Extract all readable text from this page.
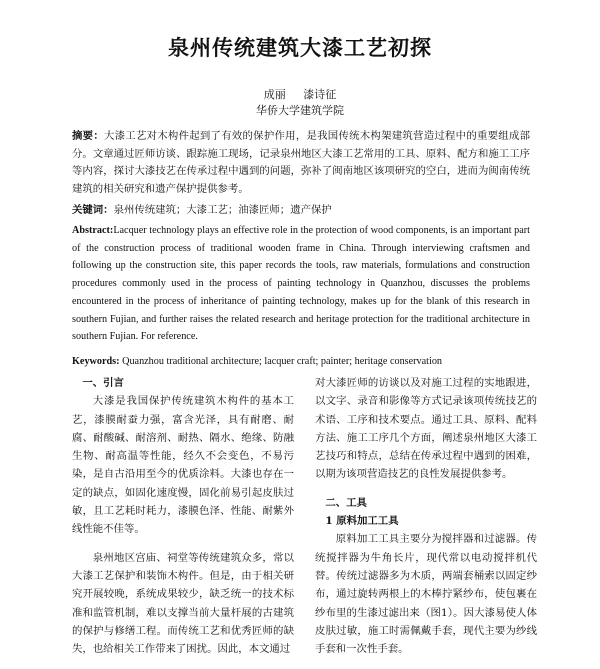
泉州传统建筑大漆工艺初探
成丽 漆诗征
华侨大学建筑学院
摘要：大漆工艺对木构件起到了有效的保护作用，是我国传统木构架建筑营造过程中的重要组成部分。文章通过匠师访谈、跟踪施工现场，记录泉州地区大漆工艺常用的工具、原料、配方和施工工序等内容，探讨大漆技艺在传承过程中遇到的问题，弥补了闽南地区该项研究的空白，进而为闽南传统建筑的相关研究和遗产保护提供参考。
关键词：泉州传统建筑；大漆工艺；油漆匠师；遗产保护
Abstract:Lacquer technology plays an effective role in the protection of wood components, is an important part of the construction process of traditional wooden frame in China. Through interviewing craftsmen and following up the construction site, this paper records the tools, raw materials, formulations and construction procedures commonly used in the process of painting technology in Quanzhou, discusses the problems encountered in the process of inheritance of painting technology, makes up for the blank of this research in southern Fujian, and further raises the related research and heritage protection for the traditional architecture in southern Fujian. For reference.
Keywords: Quanzhou traditional architecture; lacquer craft; painter; heritage conservation
一、引言

大漆是我国保护传统建筑木构件的基本工艺，漆膜耐蚕力强，富含光泽，具有耐磨、耐腐、耐酸碱、耐溶剂、耐热、隔水、绝缘、防融生物、耐高温等性能，经久不会变色，不易污染，是自古沿用至今的优质涂料。大漆也存在一定的缺点，如固化速度慢，固化前易引起皮肤过敏，且工艺耗时耗力，漆膜色泽、性能、耐紫外线性能不佳等。

泉州地区宫庙、祠堂等传统建筑众多，常以大漆工艺保护和装饰木构件。但是，由于相关研究开展较晚，系统成果较少，缺乏统一的技术标准和监管机制，难以支撑当前大量杆展的古建筑的保护与修缮工程。而传统工艺和优秀匠师的缺失，也给相关工作带来了困扰。因此，本文通过

对大漆匠师的访谈以及对施工过程的实地跟进，以文字、录音和影像等方式记录该项传统技艺的术语、工序和技术要点。通过工具、原料、配料方法、施工工序几个方面，阐述泉州地区大漆工艺技巧和特点，总结在传承过程中遇到的困难，以期为该项营造技艺的良性发展提供参考。

二、工具
1 原料加工工具

原料加工工具主要分为搅拌器和过滤器。传统搅拌器为牛角长片，现代常以电动搅拌机代替。传统过滤器多为木质，两端套桶索以固定纱布，通过旋转两根上的木棒拧紧纱布，使包裹在纱布里的生漆过滤出来（图1）。因大漆易使人体皮肤过敏，施工时需佩戴手套，现代主要为纱线手套和一次性手套。
